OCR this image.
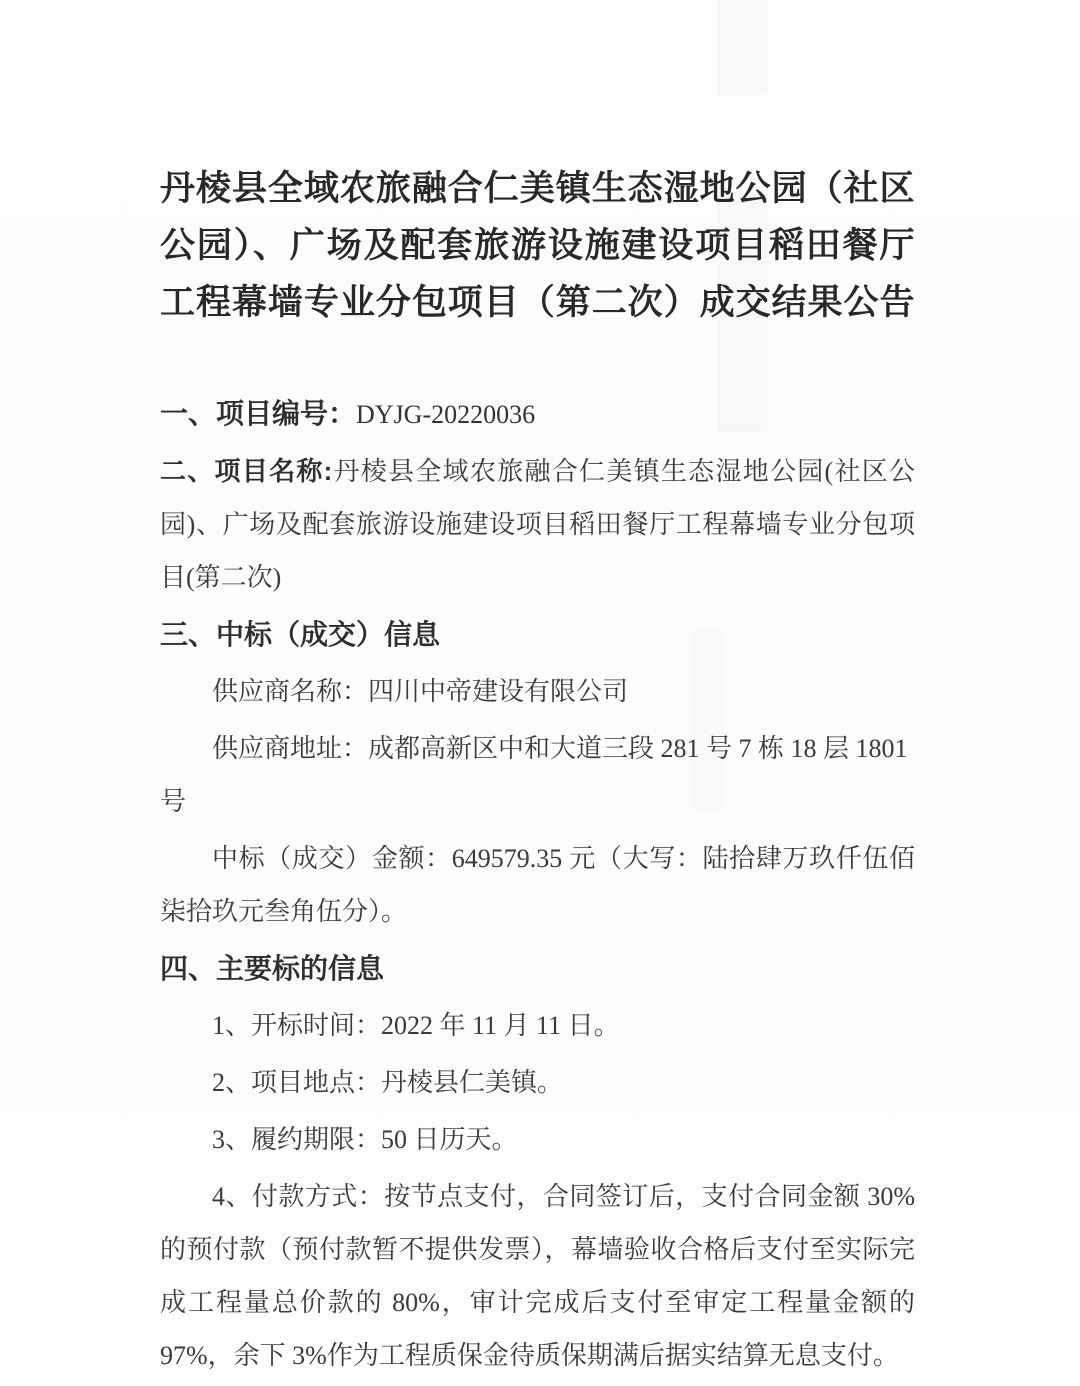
丹棱县全域农旅融合仁美镇生态湿地公园（社区
公园）、广场及配套旅游设施建设项目稻田餐厅
工程幕墙专业分包项目（第二次）成交结果公告

一、项目编号：DYJG-20220036

二、项目名称:丹棱县全域农旅融合仁美镇生态湿地公园(社区公园)、广场及配套旅游设施建设项目稻田餐厅工程幕墙专业分包项目(第二次)

三、中标（成交）信息

供应商名称：四川中帝建设有限公司

供应商地址：成都高新区中和大道三段 281 号 7 栋 18 层 1801 号

中标（成交）金额：649579.35 元（大写：陆拾肆万玖仟伍佰柒拾玖元叁角伍分）。

四、主要标的信息

1、开标时间：2022 年 11 月 11 日。

2、项目地点：丹棱县仁美镇。

3、履约期限：50 日历天。

4、付款方式：按节点支付，合同签订后，支付合同金额 30%的预付款（预付款暂不提供发票），幕墙验收合格后支付至实际完成工程量总价款的 80%，审计完成后支付至审定工程量金额的 97%，余下 3%作为工程质保金待质保期满后据实结算无息支付。
